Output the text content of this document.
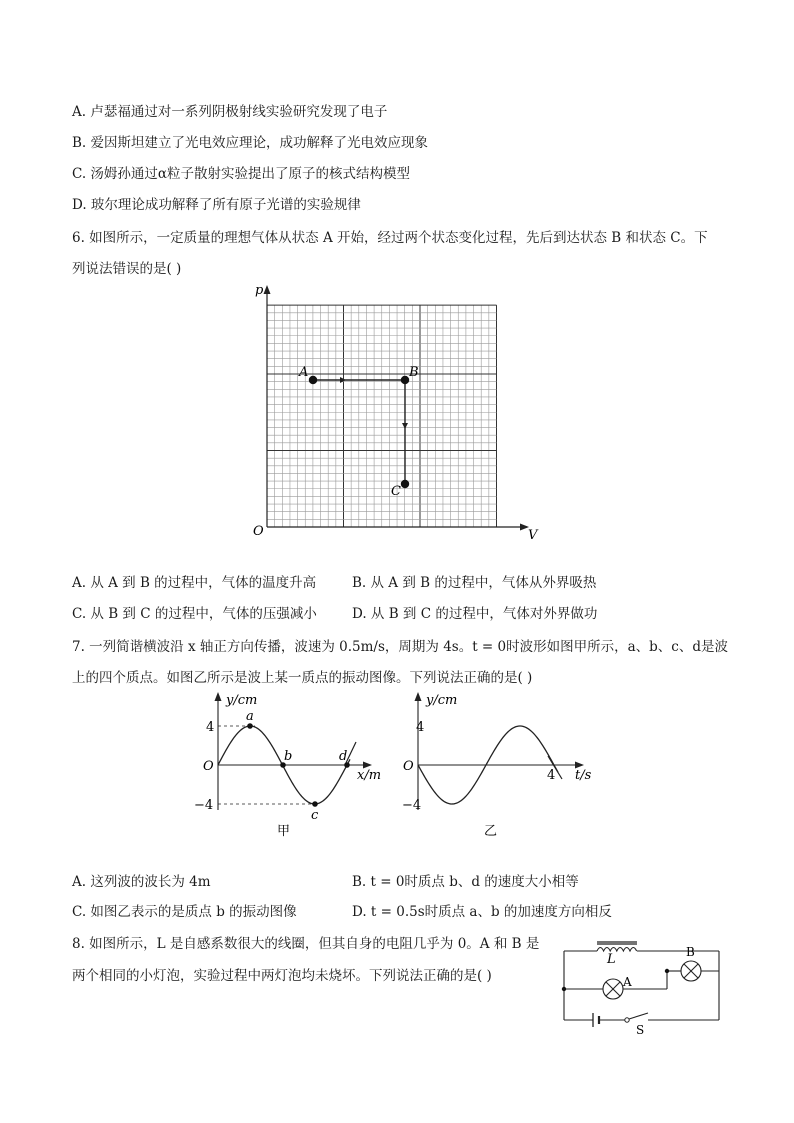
A. 卢瑟福通过对一系列阴极射线实验研究发现了电子
B. 爱因斯坦建立了光电效应理论，成功解释了光电效应现象
C. 汤姆孙通过α粒子散射实验提出了原子的核式结构模型
D. 玻尔理论成功解释了所有原子光谱的实验规律
6. 如图所示，一定质量的理想气体从状态 A 开始，经过两个状态变化过程，先后到达状态 B 和状态 C。下
列说法错误的是( )
p
V
O
A	B
C
A. 从 A 到 B 的过程中，气体的温度升高	B. 从 A 到 B 的过程中，气体从外界吸热
C. 从 B 到 C 的过程中，气体的压强减小	D. 从 B 到 C 的过程中，气体对外界做功
7. 一列简谐横波沿 x 轴正方向传播，波速为 0.5m/s，周期为 4s。t = 0时波形如图甲所示，a、b、c、d是波
上的四个质点。如图乙所示是波上某一质点的振动图像。下列说法正确的是( )
y/cm
x/m
O
4
−4
a
b
c
d
甲
y/cm
t/s
O
4
−4
4
乙
A. 这列波的波长为 4m	B. t = 0时质点 b、d 的速度大小相等
C. 如图乙表示的是质点 b 的振动图像	D. t = 0.5s时质点 a、b 的加速度方向相反
8. 如图所示，L 是自感系数很大的线圈，但其自身的电阻几乎为 0。A 和 B 是
两个相同的小灯泡，实验过程中两灯泡均未烧坏。下列说法正确的是( )
L
A
B
S
